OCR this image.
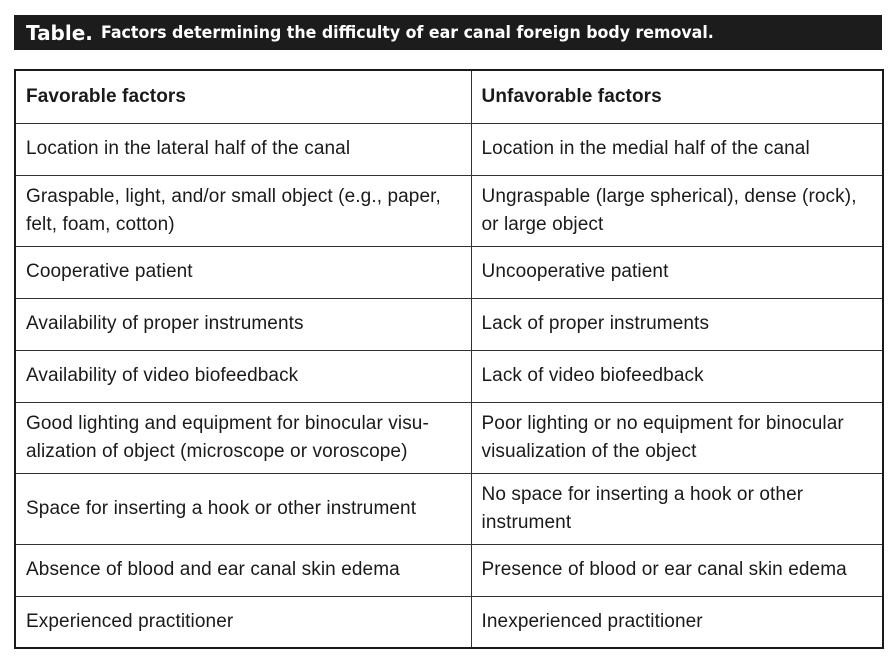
Table. Factors determining the difficulty of ear canal foreign body removal.
Favorable factors	Unfavorable factors
Location in the lateral half of the canal	Location in the medial half of the canal
Graspable, light, and/or small object (e.g., paper, felt, foam, cotton)	Ungraspable (large spherical), dense (rock), or large object
Cooperative patient	Uncooperative patient
Availability of proper instruments	Lack of proper instruments
Availability of video biofeedback	Lack of video biofeedback
Good lighting and equipment for binocular visu-alization of object (microscope or voroscope)	Poor lighting or no equipment for binocular visualization of the object
Space for inserting a hook or other instrument	No space for inserting a hook or other instrument
Absence of blood and ear canal skin edema	Presence of blood or ear canal skin edema
Experienced practitioner	Inexperienced practitioner
